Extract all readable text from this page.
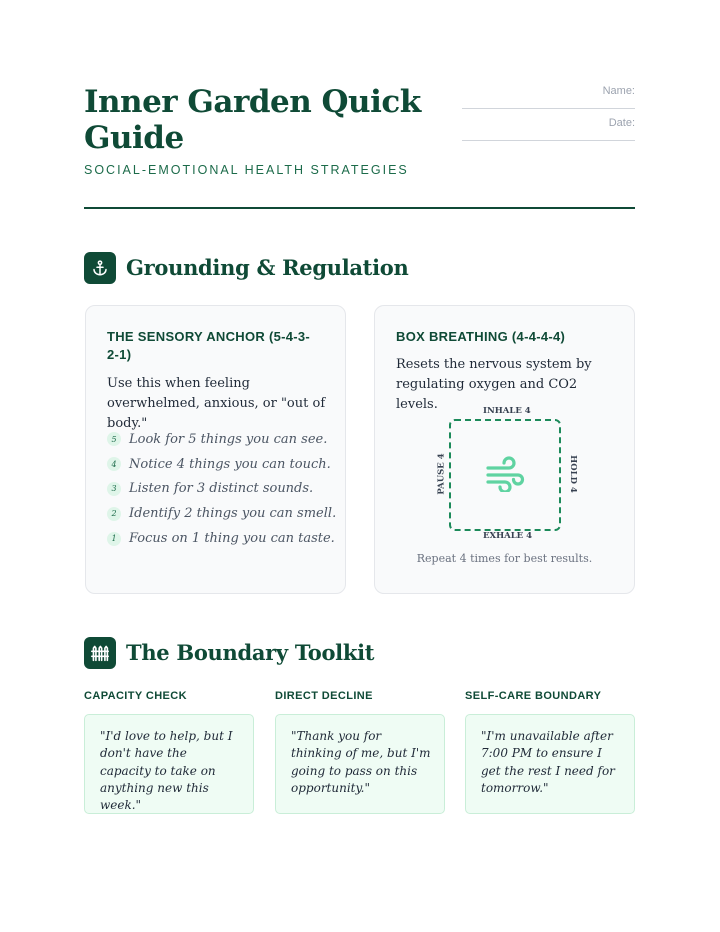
Inner Garden Quick Guide
SOCIAL-EMOTIONAL HEALTH STRATEGIES
Name:
Date:
Grounding & Regulation
THE SENSORY ANCHOR (5-4-3-2-1)

Use this when feeling overwhelmed, anxious, or "out of body."

5 Look for 5 things you can see.
4 Notice 4 things you can touch.
3 Listen for 3 distinct sounds.
2 Identify 2 things you can smell.
1 Focus on 1 thing you can taste.
BOX BREATHING (4-4-4-4)

Resets the nervous system by regulating oxygen and CO2 levels.	INHALE 4
EXHALE 4
PAUSE 4	HOLD 4
Repeat 4 times for best results.
The Boundary Toolkit
CAPACITY CHECK

"I'd love to help, but I don't have the capacity to take on anything new this week."

DIRECT DECLINE

"Thank you for thinking of me, but I'm going to pass on this opportunity."

SELF-CARE BOUNDARY

"I'm unavailable after 7:00 PM to ensure I get the rest I need for tomorrow."
